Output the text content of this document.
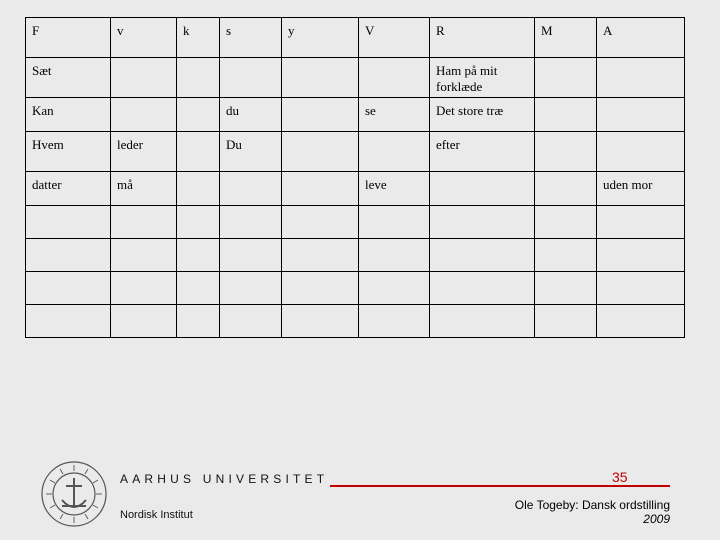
F	v	k	s	y	V	R	M	A
Sæt						Ham på mit forklæde		
Kan			du		se	Det store træ		
Hvem	leder		Du			efter		
datter	må				leve			uden mor

AARHUS UNIVERSITET
Nordisk Institut
35
Ole Togeby: Dansk ordstilling
2009
